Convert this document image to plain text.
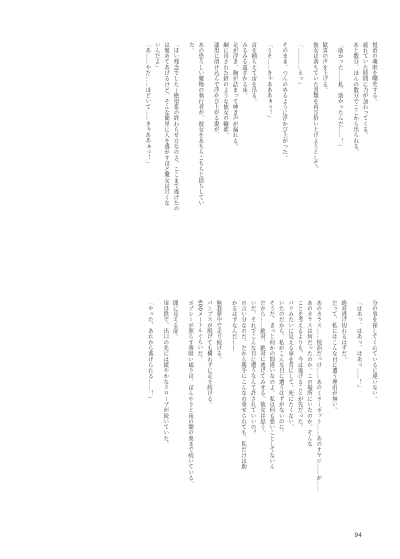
悦治の魂胆を嘲笑する。
疲れていた時間に力が加わってくる。
あと数分、ほんの数分でここから出られる。
「助かった……私、助かったんだ……！」
歓喜の声を上げる。
彼女は落ちていた書類を再び拾い上げようとして。
「…………えっ」
そのまま、つんのめるように浮かび上がった。
「うそ……きゃあああぁっ！」
首を捕らえて宙を吊る。
みるみる遠ざかる床。
足が浮き、胸が詰まって呻き声が漏れる。
綱に吊された鈴のような彼女の輪郭。
漆黒に溶け込んで浮かび上がる姿が、
あの恐ろしい魔物の執行者が、彼女をあちらこちらと揺らしてい
た。
「ほい残念でした～絶望系の終わらせ方なのさ。ここまで逃げたの
は褒めてあげるけど、そんな簡単に人を逃がすほど魔女は甘くな
いんだよ」
「あ……やだ……ほどいて……きゃああぁっ！」
分の事を探してくれているに違いない。
「はあっ、はあっ、はあっ……！」
絶対逃げ切れるはずだ。
だって、私にはこんな目に遭う理由が無い。
あのカラス……悦治だっけ……あのミラーポット……あのオヤジ……が……
あのカラスは何だったのか。この場所にいたのか。そんな
ことを考えるよりも、今は逃げることが先だった。
パリみたいに見える扉を背にして。死にたくない。
いたのだから、私がこんな目に遭うはずがないのに。
そうだ、きっと何かの間違いなのよ。私は何も悪いことしてないん
だから……絶対、絶対に逃げてみせる。彼女は思う。
いだ、それでこんな目に遭うなんて許されていいの？
の言い分なのだ、だから勝手にこんなの乗せられても、私だけは助
かるはずなんだ——
無我夢中で走り続ける。
パンプスが脱げても構わずに走り続ける。
600メートルぐらいだ。
ポプシーが照らす薄暗い廊下は、ぼんやりと夜の闇の奥まで続いている。
闇に見える扉。
扉は鉄で、出口の先には緩やかなスロープが続いていた。
「やった、あれから逃げられる……！」
94
